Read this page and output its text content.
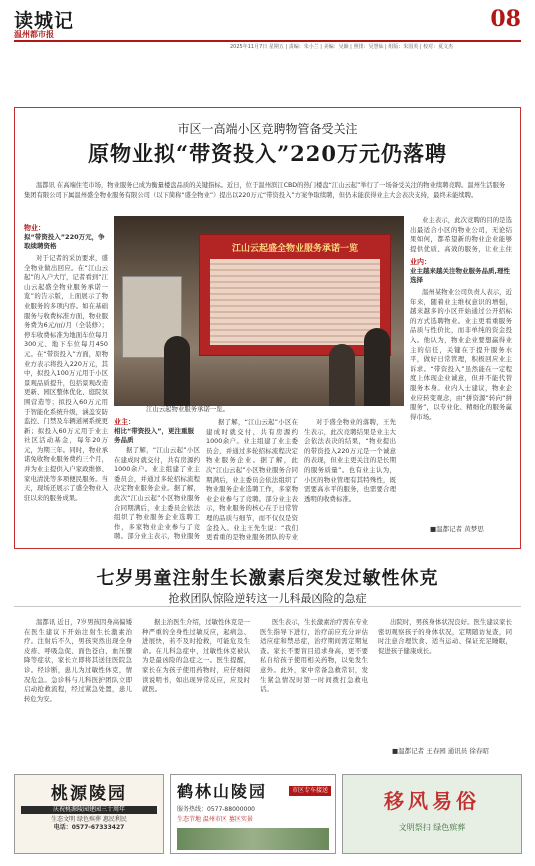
读城记
温州都市报
08
2025年11月7日 星期五 | 责编：朱小兰 | 美编：吴颖 | 照排：吴慧仙 | 组版：朱国英 | 校对：夏文杰
市区一高端小区竞聘物管备受关注
原物业拟“带资投入”220万元仍落聘
温都讯 在高端住宅市场，物业服务已成为衡量楼盘品质的关键指标。近日，位于温州滨江CBD的热门楼盘“江山云起”举行了一场备受关注的物业续聘竞聘。温州生活服务集团有限公司下属温州盛全物业服务有限公司（以下简称“盛全物业”）提出以220万元“带资投入”方案争取续聘，但仍未能获得业主大会表决支持，最终未能续聘。
物业：
拟“带资投入”220万元，争取续聘资格
对于记者的采访要求，盛全物业做出回应。在“江山云起”的入户大厅，记者看到“江山云起盛全物业服务承诺一览”的告示版，上面展示了物业服务的多项内容。如在基础服务与收费标准方面，物业服务费为6元/㎡/月（全装修）；停车收费标准为地面车位每月300元、地下车位每月450元。在“带资投入”方面，原物业方表示将投入220万元，其中，拟投入100万元用于小区景观品质提升，包括景观改造更新、园区整体优化、庭院氛围营造等；拟投入60万元用于智能化系统升级，涵盖安防监控、门禁及车辆道闸系统更新；拟投入60万元用于业主社区活动基金，每年20万元，为期三年。同时，物业承诺免收物业服务费约三个月，并为业主提供入户家政维修、家电清洗等多项便民服务。当天，现场还展示了盛全物业入驻以来的服务成果。
江山云起盛全物业服务承诺一览
江山云起物业服务承诺一览。
业主：
相比“带资投入”，更注重服务品质
据了解，“江山云起”小区在建成时就交付，共有房源约1000余户。业主组建了业主委员会，并通过多轮招标流程决定物业服务企业。据了解，此次“江山云起”小区物业服务合同期满后，业主委员会依法组织了物业服务企业选聘工作，多家物业企业参与了竞聘。部分业主表示，物业服务
据了解，“江山云起”小区在建成时就交付，共有房源约1000余户。业主组建了业主委员会，并通过多轮招标流程决定物业服务企业。据了解，此次“江山云起”小区物业服务合同期满后，业主委员会依法组织了物业服务企业选聘工作，多家物业企业参与了竞聘。部分业主表示，物业服务的核心在于日常管理的品质与细节，而不仅仅是资金投入。业主王先生说：“我们更看重的是物业服务团队的专业
对于盛全物业的落聘，王先生表示，此次竞聘结果是业主大会依法表决的结果，“物业提出的带资投入220万元是一个诚意的表现，但业主更关注的是长期的服务质量”。也有业主认为，小区的物业管理有其特殊性，既需要高水平的服务，也需要合理透明的收费标准。
业主表示，此次竞聘的目的是选出最适合小区的物业公司，无论结果如何，都希望新的物业企业能够提供优质、高效的服务，让业主住
业内：
业主越来越关注物业服务品质,理性选择
温州某物业公司负责人表示，近年来，随着业主维权意识的增强，越来越多的小区开始通过公开招标的方式选聘物业。业主更看重服务品质与性价比，而非单纯的资金投入。他认为，物业企业要想赢得业主的信任，关键在于提升服务水平，做好日常管理，积极回应业主诉求。“带资投入”虽然能在一定程度上体现企业诚意，但并不能代替服务本身。业内人士建议，物业企业应转变观念，由“拼资源”转向“拼服务”，以专业化、精细化的服务赢得市场。
■温都记者 黄梦思
七岁男童注射生长激素后突发过敏性休克
抢救团队惊险逆转这一儿科最凶险的急症
温都讯 近日，7岁男孩因身高偏矮在医生建议下开始注射生长激素治疗。注射后不久，男孩突然出现全身皮疹、呼吸急促、面色苍白、血压骤降等症状，家长立即将其送往医院急诊。经诊断，患儿为过敏性休克，情况危急。急诊科与儿科医护团队立即启动抢救流程，经过紧急处置，患儿转危为安。
据主治医生介绍，过敏性休克是一种严重的全身性过敏反应，起病急、进展快，若不及时抢救，可能危及生命。在儿科急症中，过敏性休克被认为是最凶险的急症之一。医生提醒，家长在为孩子使用药物时，应仔细阅读说明书，如出现异常反应，应及时就医。
医生表示，生长激素治疗需在专业医生指导下进行，治疗前应充分评估适应症和禁忌症，治疗期间需定期复查。家长不要盲目追求身高，更不要私自给孩子使用相关药物，以免发生意外。此外，家中常备急救常识，发生紧急情况时第一时间拨打急救电话。
出院时，男孩身体状况良好。医生建议家长密切观察孩子的身体状况，定期随访复查，同时注意合理饮食、适当运动、保证充足睡眠，促进孩子健康成长。
■温都记者 王春园 通讯员 徐春昭
桃源陵园
庆祝桃源陵园建园三十周年
生态文明 绿色殡葬 惠民利民
电话：0577-67333427
鹤林山陵园	市区专车接送
服务热线：0577-88000000
生态节地 温州市区 墓区实景
移风易俗
文明祭扫 绿色殡葬
